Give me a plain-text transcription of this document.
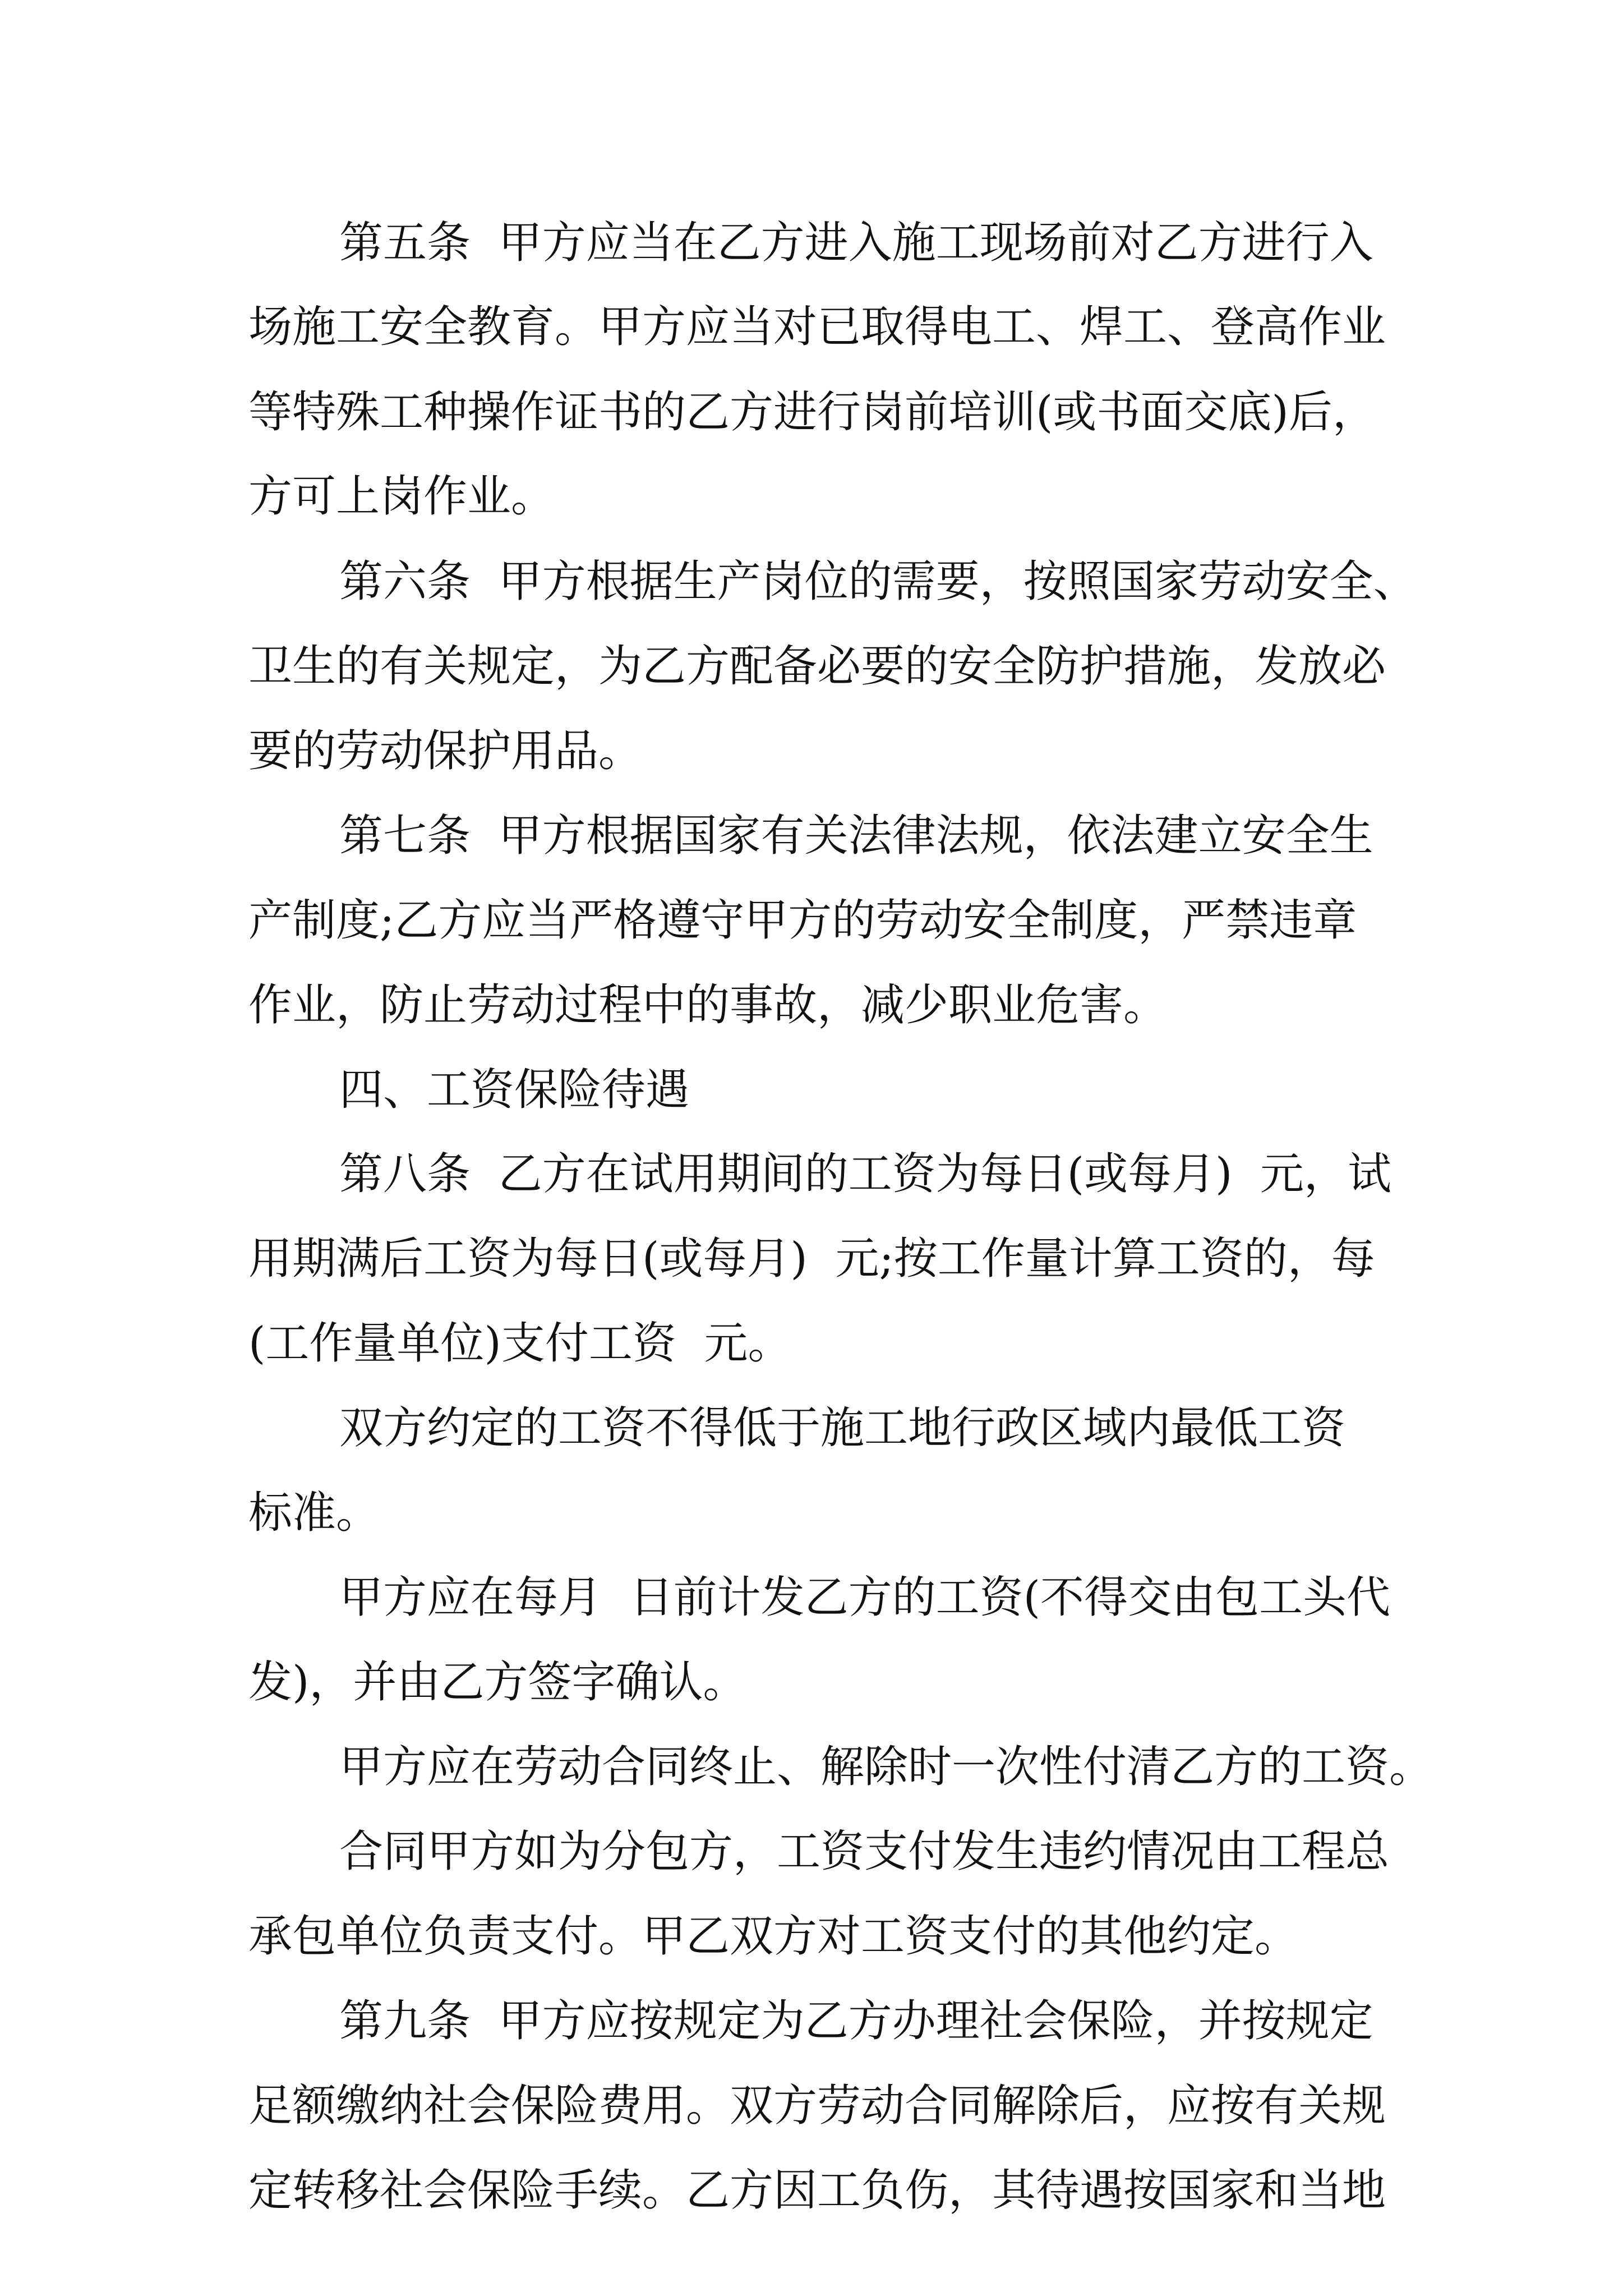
第五条  甲方应当在乙方进入施工现场前对乙方进行入

场施工安全教育。甲方应当对已取得电工、焊工、登高作业

等特殊工种操作证书的乙方进行岗前培训(或书面交底)后，

方可上岗作业。

第六条  甲方根据生产岗位的需要，按照国家劳动安全、

卫生的有关规定，为乙方配备必要的安全防护措施，发放必

要的劳动保护用品。

第七条  甲方根据国家有关法律法规，依法建立安全生

产制度;乙方应当严格遵守甲方的劳动安全制度，严禁违章

作业，防止劳动过程中的事故，减少职业危害。

四、工资保险待遇

第八条  乙方在试用期间的工资为每日(或每月)  元，试

用期满后工资为每日(或每月)  元;按工作量计算工资的，每

(工作量单位)支付工资  元。

双方约定的工资不得低于施工地行政区域内最低工资

标准。

甲方应在每月  日前计发乙方的工资(不得交由包工头代

发)，并由乙方签字确认。

甲方应在劳动合同终止、解除时一次性付清乙方的工资。

合同甲方如为分包方，工资支付发生违约情况由工程总

承包单位负责支付。甲乙双方对工资支付的其他约定。

第九条  甲方应按规定为乙方办理社会保险，并按规定

足额缴纳社会保险费用。双方劳动合同解除后，应按有关规

定转移社会保险手续。乙方因工负伤，其待遇按国家和当地
